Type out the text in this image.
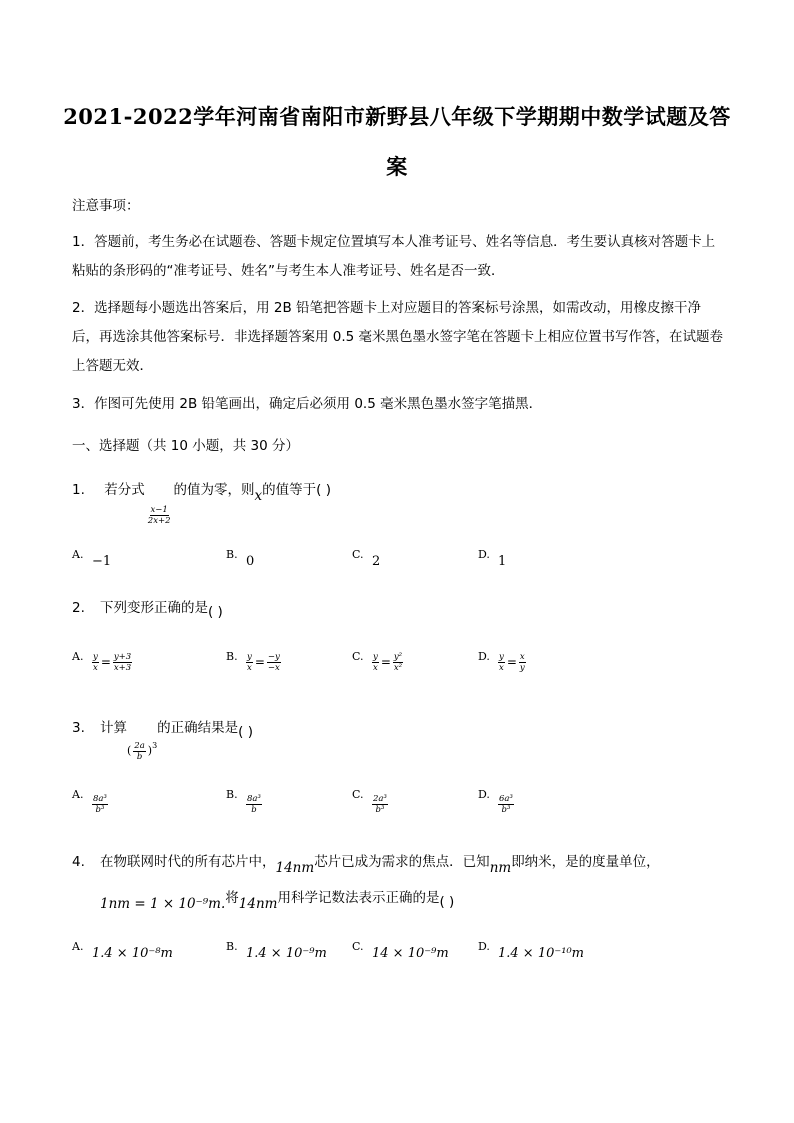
2021-2022学年河南省南阳市新野县八年级下学期期中数学试题及答案
注意事项：
1．答题前，考生务必在试题卷、答题卡规定位置填写本人准考证号、姓名等信息．考生要认真核对答题卡上粘贴的条形码的“准考证号、姓名”与考生本人准考证号、姓名是否一致．
2．选择题每小题选出答案后，用 2B 铅笔把答题卡上对应题目的答案标号涂黑，如需改动，用橡皮擦干净后，再选涂其他答案标号．非选择题答案用 0.5 毫米黑色墨水签字笔在答题卡上相应位置书写作答，在试题卷上答题无效．
3．作图可先使用 2B 铅笔画出，确定后必须用 0.5 毫米黑色墨水签字笔描黑．
一、选择题（共 10 小题，共 30 分）
1. 若分式
$\frac{x-1}{2x+2}$
的值为零，则x的值等于( )
A. −1	B. 0	C. 2	D. 1
2. 下列变形正确的是( )
A. $\frac{y}{x} = \frac{y+3}{x+3}$	B. $\frac{y}{x} = \frac{-y}{-x}$	C. $\frac{y}{x} = \frac{\text{y²}}{\text{x²}}$	D. $\frac{y}{x} = \frac{x}{y}$
3. 计算( $\frac{2a}{b} )^3$的正确结果是( )
A. $\frac{\text{8a³}}{\text{b³}}$	B. $\frac{\text{8a³}}{b}$	C. $\frac{\text{2a³}}{\text{b³}}$	D. $\frac{\text{6a³}}{\text{b³}}$
4. 在物联网时代的所有芯片中，14nm芯片已成为需求的焦点．已知nm即纳米，是的度量单位，
1nm = 1 × 10⁻⁹m.将14nm用科学记数法表示正确的是( )
A. 1.4 × 10⁻⁸m	B. 1.4 × 10⁻⁹m C. 14 × 10⁻⁹m	D. 1.4 × 10⁻¹⁰m
